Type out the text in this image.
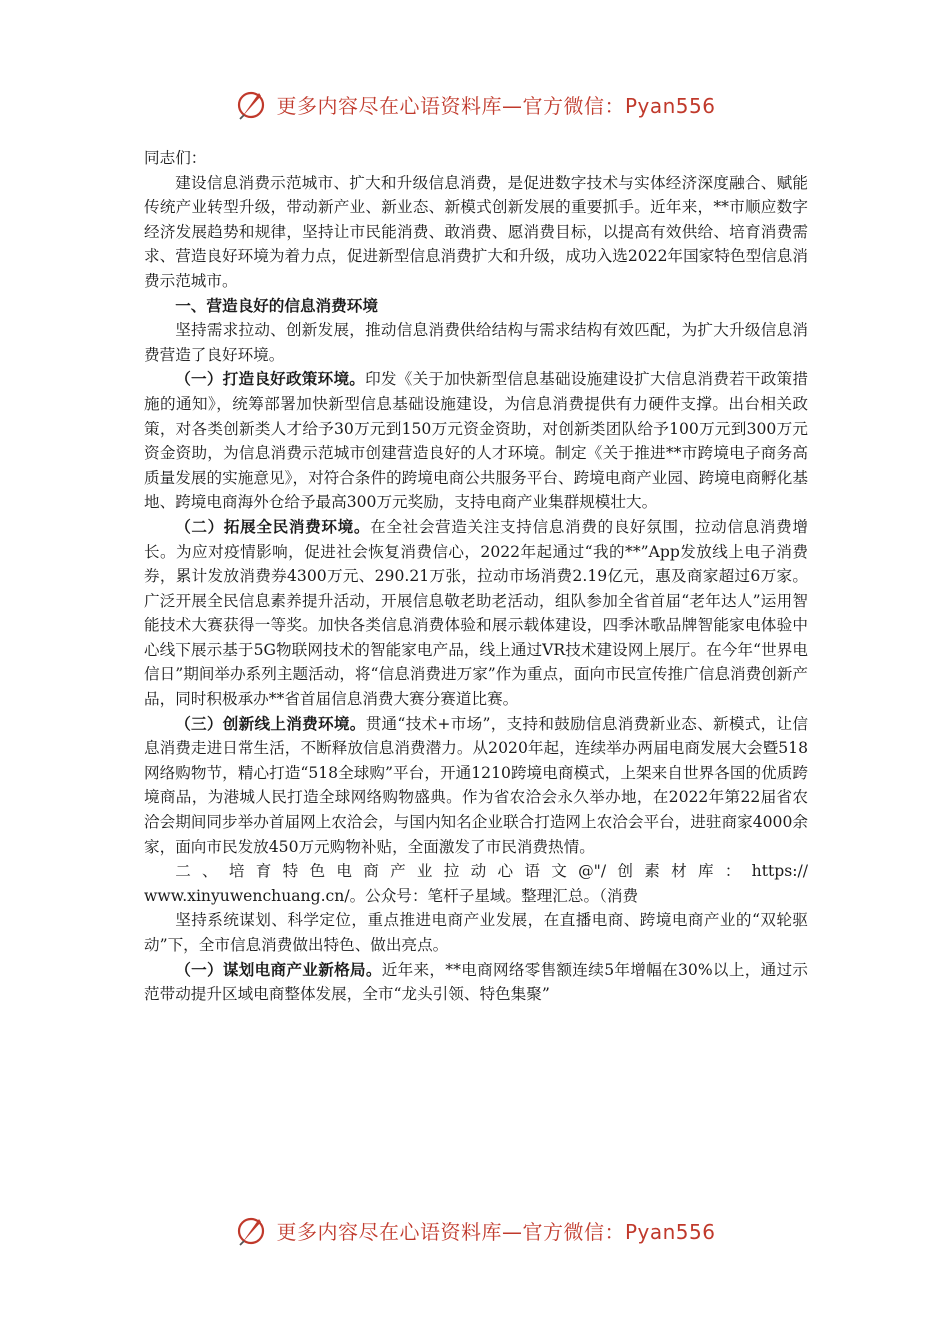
更多内容尽在心语资料库—官方微信：Pyan556

同志们：

建设信息消费示范城市、扩大和升级信息消费，是促进数字技术与实体经济深度融合、赋能传统产业转型升级，带动新产业、新业态、新模式创新发展的重要抓手。近年来，**市顺应数字经济发展趋势和规律，坚持让市民能消费、敢消费、愿消费目标，以提高有效供给、培育消费需求、营造良好环境为着力点，促进新型信息消费扩大和升级，成功入选2022年国家特色型信息消费示范城市。

一、营造良好的信息消费环境

坚持需求拉动、创新发展，推动信息消费供给结构与需求结构有效匹配，为扩大升级信息消费营造了良好环境。

（一）打造良好政策环境。印发《关于加快新型信息基础设施建设扩大信息消费若干政策措施的通知》，统筹部署加快新型信息基础设施建设，为信息消费提供有力硬件支撑。出台相关政策，对各类创新类人才给予30万元到150万元资金资助，对创新类团队给予100万元到300万元资金资助，为信息消费示范城市创建营造良好的人才环境。制定《关于推进**市跨境电子商务高质量发展的实施意见》，对符合条件的跨境电商公共服务平台、跨境电商产业园、跨境电商孵化基地、跨境电商海外仓给予最高300万元奖励，支持电商产业集群规模壮大。

（二）拓展全民消费环境。在全社会营造关注支持信息消费的良好氛围，拉动信息消费增长。为应对疫情影响，促进社会恢复消费信心，2022年起通过“我的**”App发放线上电子消费券，累计发放消费券4300万元、290.21万张，拉动市场消费2.19亿元，惠及商家超过6万家。广泛开展全民信息素养提升活动，开展信息敬老助老活动，组队参加全省首届“老年达人”运用智能技术大赛获得一等奖。加快各类信息消费体验和展示载体建设，四季沐歌品牌智能家电体验中心线下展示基于5G物联网技术的智能家电产品，线上通过VR技术建设网上展厅。在今年“世界电信日”期间举办系列主题活动，将“信息消费进万家”作为重点，面向市民宣传推广信息消费创新产品，同时积极承办**省首届信息消费大赛分赛道比赛。

（三）创新线上消费环境。贯通“技术+市场”，支持和鼓励信息消费新业态、新模式，让信息消费走进日常生活，不断释放信息消费潜力。从2020年起，连续举办两届电商发展大会暨518网络购物节，精心打造“518全球购”平台，开通1210跨境电商模式，上架来自世界各国的优质跨境商品，为港城人民打造全球网络购物盛典。作为省农洽会永久举办地，在2022年第22届省农洽会期间同步举办首届网上农洽会，与国内知名企业联合打造网上农洽会平台，进驻商家4000余家，面向市民发放450万元购物补贴，全面激发了市民消费热情。

二、培育特色电商产业拉动心语文@"/创素材库：https://

www.xinyuwenchuang.cn/。公众号：笔杆子星域。整理汇总。（消费

坚持系统谋划、科学定位，重点推进电商产业发展，在直播电商、跨境电商产业的“双轮驱动”下，全市信息消费做出特色、做出亮点。

（一）谋划电商产业新格局。近年来，**电商网络零售额连续5年增幅在30%以上，通过示范带动提升区域电商整体发展，全市“龙头引领、特色集聚”

更多内容尽在心语资料库—官方微信：Pyan556
